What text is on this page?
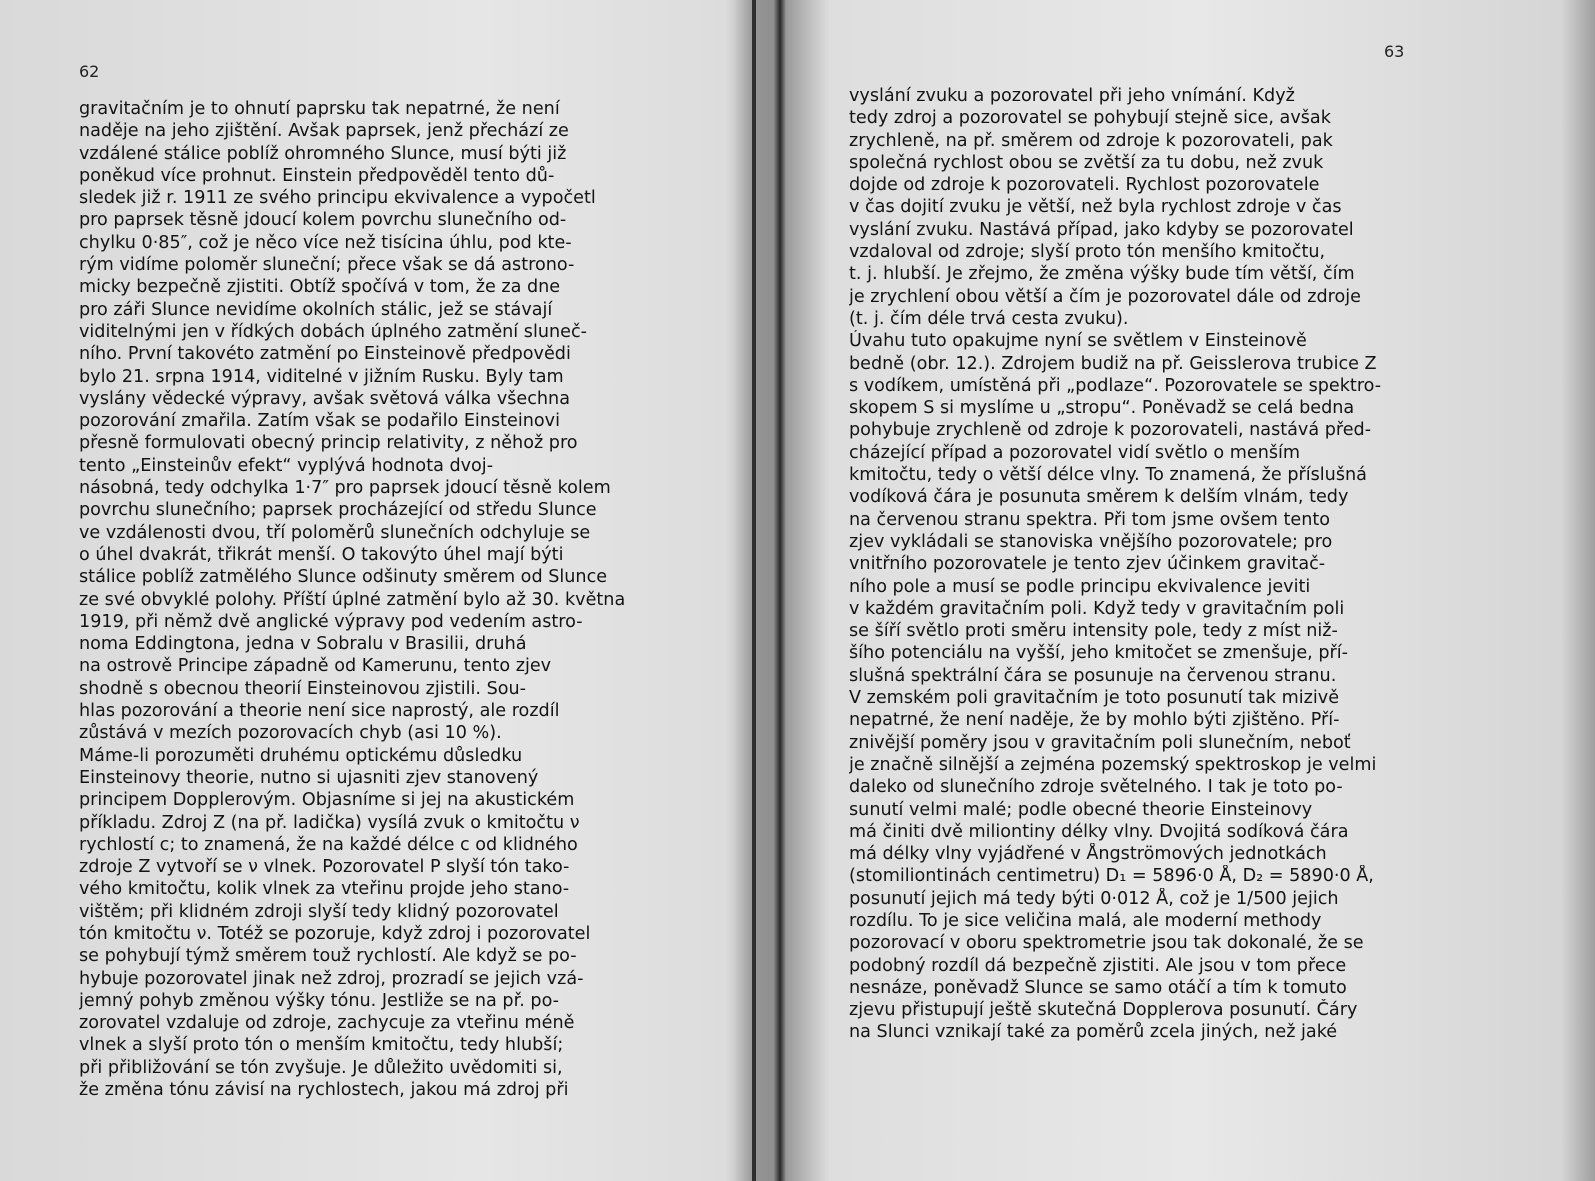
62
gravitačním je to ohnutí paprsku tak nepatrné, že není
naděje na jeho zjištění. Avšak paprsek, jenž přechází ze
vzdálené stálice poblíž ohromného Slunce, musí býti již
poněkud více prohnut. Einstein předpověděl tento dů-
sledek již r. 1911 ze svého principu ekvivalence a vypočetl
pro paprsek těsně jdoucí kolem povrchu slunečního od-
chylku 0·85″, což je něco více než tisícina úhlu, pod kte-
rým vidíme poloměr sluneční; přece však se dá astrono-
micky bezpečně zjistiti. Obtíž spočívá v tom, že za dne
pro záři Slunce nevidíme okolních stálic, jež se stávají
viditelnými jen v řídkých dobách úplného zatmění sluneč-
ního. První takovéto zatmění po Einsteinově předpovědi
bylo 21. srpna 1914, viditelné v jižním Rusku. Byly tam
vyslány vědecké výpravy, avšak světová válka všechna
pozorování zmařila. Zatím však se podařilo Einsteinovi
přesně formulovati obecný princip relativity, z něhož pro
tento „Einsteinův efekt“ vyplývá hodnota dvoj-
násobná, tedy odchylka 1·7″ pro paprsek jdoucí těsně kolem
povrchu slunečního; paprsek procházející od středu Slunce
ve vzdálenosti dvou, tří poloměrů slunečních odchyluje se
o úhel dvakrát, třikrát menší. O takovýto úhel mají býti
stálice poblíž zatmělého Slunce odšinuty směrem od Slunce
ze své obvyklé polohy. Příští úplné zatmění bylo až 30. května
1919, při němž dvě anglické výpravy pod vedením astro-
noma Eddingtona, jedna v Sobralu v Brasilii, druhá
na ostrově Principe západně od Kamerunu, tento zjev
shodně s obecnou theorií Einsteinovou zjistili. Sou-
hlas pozorování a theorie není sice naprostý, ale rozdíl
zůstává v mezích pozorovacích chyb (asi 10 %).
Máme-li porozuměti druhému optickému důsledku
Einsteinovy theorie, nutno si ujasniti zjev stanovený
principem Dopplerovým. Objasníme si jej na akustickém
příkladu. Zdroj Z (na př. ladička) vysílá zvuk o kmitočtu ν
rychlostí c; to znamená, že na každé délce c od klidného
zdroje Z vytvoří se ν vlnek. Pozorovatel P slyší tón tako-
vého kmitočtu, kolik vlnek za vteřinu projde jeho stano-
vištěm; při klidném zdroji slyší tedy klidný pozorovatel
tón kmitočtu ν. Totéž se pozoruje, když zdroj i pozorovatel
se pohybují týmž směrem touž rychlostí. Ale když se po-
hybuje pozorovatel jinak než zdroj, prozradí se jejich vzá-
jemný pohyb změnou výšky tónu. Jestliže se na př. po-
zorovatel vzdaluje od zdroje, zachycuje za vteřinu méně
vlnek a slyší proto tón o menším kmitočtu, tedy hlubší;
při přibližování se tón zvyšuje. Je důležito uvědomiti si,
že změna tónu závisí na rychlostech, jakou má zdroj při
63
vyslání zvuku a pozorovatel při jeho vnímání. Když
tedy zdroj a pozorovatel se pohybují stejně sice, avšak
zrychleně, na př. směrem od zdroje k pozorovateli, pak
společná rychlost obou se zvětší za tu dobu, než zvuk
dojde od zdroje k pozorovateli. Rychlost pozorovatele
v čas dojití zvuku je větší, než byla rychlost zdroje v čas
vyslání zvuku. Nastává případ, jako kdyby se pozorovatel
vzdaloval od zdroje; slyší proto tón menšího kmitočtu,
t. j. hlubší. Je zřejmo, že změna výšky bude tím větší, čím
je zrychlení obou větší a čím je pozorovatel dále od zdroje
(t. j. čím déle trvá cesta zvuku).
Úvahu tuto opakujme nyní se světlem v Einsteinově
bedně (obr. 12.). Zdrojem budiž na př. Geisslerova trubice Z
s vodíkem, umístěná při „podlaze“. Pozorovatele se spektro-
skopem S si myslíme u „stropu“. Poněvadž se celá bedna
pohybuje zrychleně od zdroje k pozorovateli, nastává před-
cházející případ a pozorovatel vidí světlo o menším
kmitočtu, tedy o větší délce vlny. To znamená, že příslušná
vodíková čára je posunuta směrem k delším vlnám, tedy
na červenou stranu spektra. Při tom jsme ovšem tento
zjev vykládali se stanoviska vnějšího pozorovatele; pro
vnitřního pozorovatele je tento zjev účinkem gravitač-
ního pole a musí se podle principu ekvivalence jeviti
v každém gravitačním poli. Když tedy v gravitačním poli
se šíří světlo proti směru intensity pole, tedy z míst niž-
šího potenciálu na vyšší, jeho kmitočet se zmenšuje, pří-
slušná spektrální čára se posunuje na červenou stranu.
V zemském poli gravitačním je toto posunutí tak mizivě
nepatrné, že není naděje, že by mohlo býti zjištěno. Pří-
znivější poměry jsou v gravitačním poli slunečním, neboť
je značně silnější a zejména pozemský spektroskop je velmi
daleko od slunečního zdroje světelného. I tak je toto po-
sunutí velmi malé; podle obecné theorie Einsteinovy
má činiti dvě miliontiny délky vlny. Dvojitá sodíková čára
má délky vlny vyjádřené v Ångströmových jednotkách
(stomiliontinách centimetru) D₁ = 5896·0 Å, D₂ = 5890·0 Å,
posunutí jejich má tedy býti 0·012 Å, což je 1/500 jejich
rozdílu. To je sice veličina malá, ale moderní methody
pozorovací v oboru spektrometrie jsou tak dokonalé, že se
podobný rozdíl dá bezpečně zjistiti. Ale jsou v tom přece
nesnáze, poněvadž Slunce se samo otáčí a tím k tomuto
zjevu přistupují ještě skutečná Dopplerova posunutí. Čáry
na Slunci vznikají také za poměrů zcela jiných, než jaké
